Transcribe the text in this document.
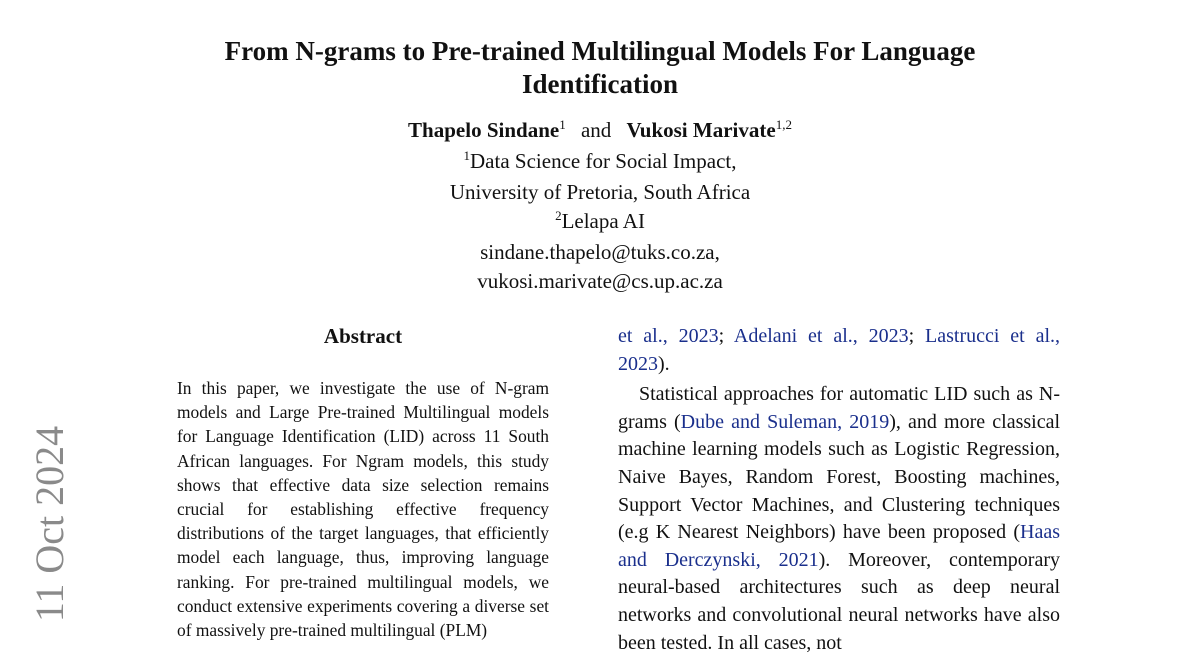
11 Oct 2024
From N-grams to Pre-trained Multilingual Models For Language Identification
Thapelo Sindane$^1$ and Vukosi Marivate$^{1,2}$
$^1$Data Science for Social Impact,
University of Pretoria, South Africa
$^2$Lelapa AI
sindane.thapelo@tuks.co.za,
vukosi.marivate@cs.up.ac.za
Abstract
In this paper, we investigate the use of N-gram models and Large Pre-trained Multilingual models for Language Identification (LID) across 11 South African languages. For Ngram models, this study shows that effective data size selection remains crucial for establishing effective frequency distributions of the target languages, that efficiently model each language, thus, improving language ranking. For pre-trained multilingual models, we conduct extensive experiments covering a diverse set of massively pre-trained multilingual (PLM)

et al., 2023; Adelani et al., 2023; Lastrucci et al., 2023).

Statistical approaches for automatic LID such as N-grams (Dube and Suleman, 2019), and more classical machine learning models such as Logistic Regression, Naive Bayes, Random Forest, Boosting machines, Support Vector Machines, and Clustering techniques (e.g K Nearest Neighbors) have been proposed (Haas and Derczynski, 2021). Moreover, contemporary neural-based architectures such as deep neural networks and convolutional neural networks have also been tested. In all cases, not
